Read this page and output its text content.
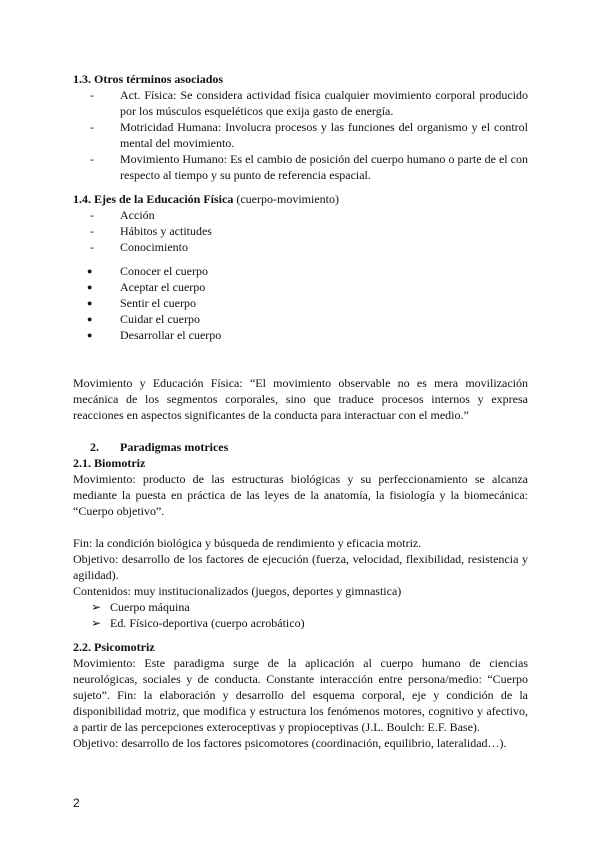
1.3. Otros términos asociados

- Act. Física: Se considera actividad física cualquier movimiento corporal producido por los músculos esqueléticos que exija gasto de energía.
- Motricidad Humana: Involucra procesos y las funciones del organismo y el control mental del movimiento.
- Movimiento Humano: Es el cambio de posición del cuerpo humano o parte de el con respecto al tiempo y su punto de referencia espacial.

1.4. Ejes de la Educación Física (cuerpo-movimiento)

- Acción
- Hábitos y actitudes
- Conocimiento
● Conocer el cuerpo
● Aceptar el cuerpo
● Sentir el cuerpo
● Cuidar el cuerpo
● Desarrollar el cuerpo

Movimiento y Educación Física: “El movimiento observable no es mera movilización mecánica de los segmentos corporales, sino que traduce procesos internos y expresa reacciones en aspectos significantes de la conducta para interactuar con el medio.”

2. Paradigmas motrices

2.1. Biomotriz

Movimiento: producto de las estructuras biológicas y su perfeccionamiento se alcanza mediante la puesta en práctica de las leyes de la anatomía, la fisiología y la biomecánica: “Cuerpo objetivo”.

Fin: la condición biológica y búsqueda de rendimiento y eficacia motriz.

Objetivo: desarrollo de los factores de ejecución (fuerza, velocidad, flexibilidad, resistencia y agilidad).

Contenidos: muy institucionalizados (juegos, deportes y gimnastica)

➢ Cuerpo máquina
➢ Ed. Físico-deportiva (cuerpo acrobático)

2.2. Psicomotriz

Movimiento: Este paradigma surge de la aplicación al cuerpo humano de ciencias neurológicas, sociales y de conducta. Constante interacción entre persona/medio: “Cuerpo sujeto”. Fin: la elaboración y desarrollo del esquema corporal, eje y condición de la disponibilidad motriz, que modifica y estructura los fenómenos motores, cognitivo y afectivo, a partir de las percepciones exteroceptivas y propioceptivas (J.L. Boulch: E.F. Base).

Objetivo: desarrollo de los factores psicomotores (coordinación, equilibrio, lateralidad…).

2
